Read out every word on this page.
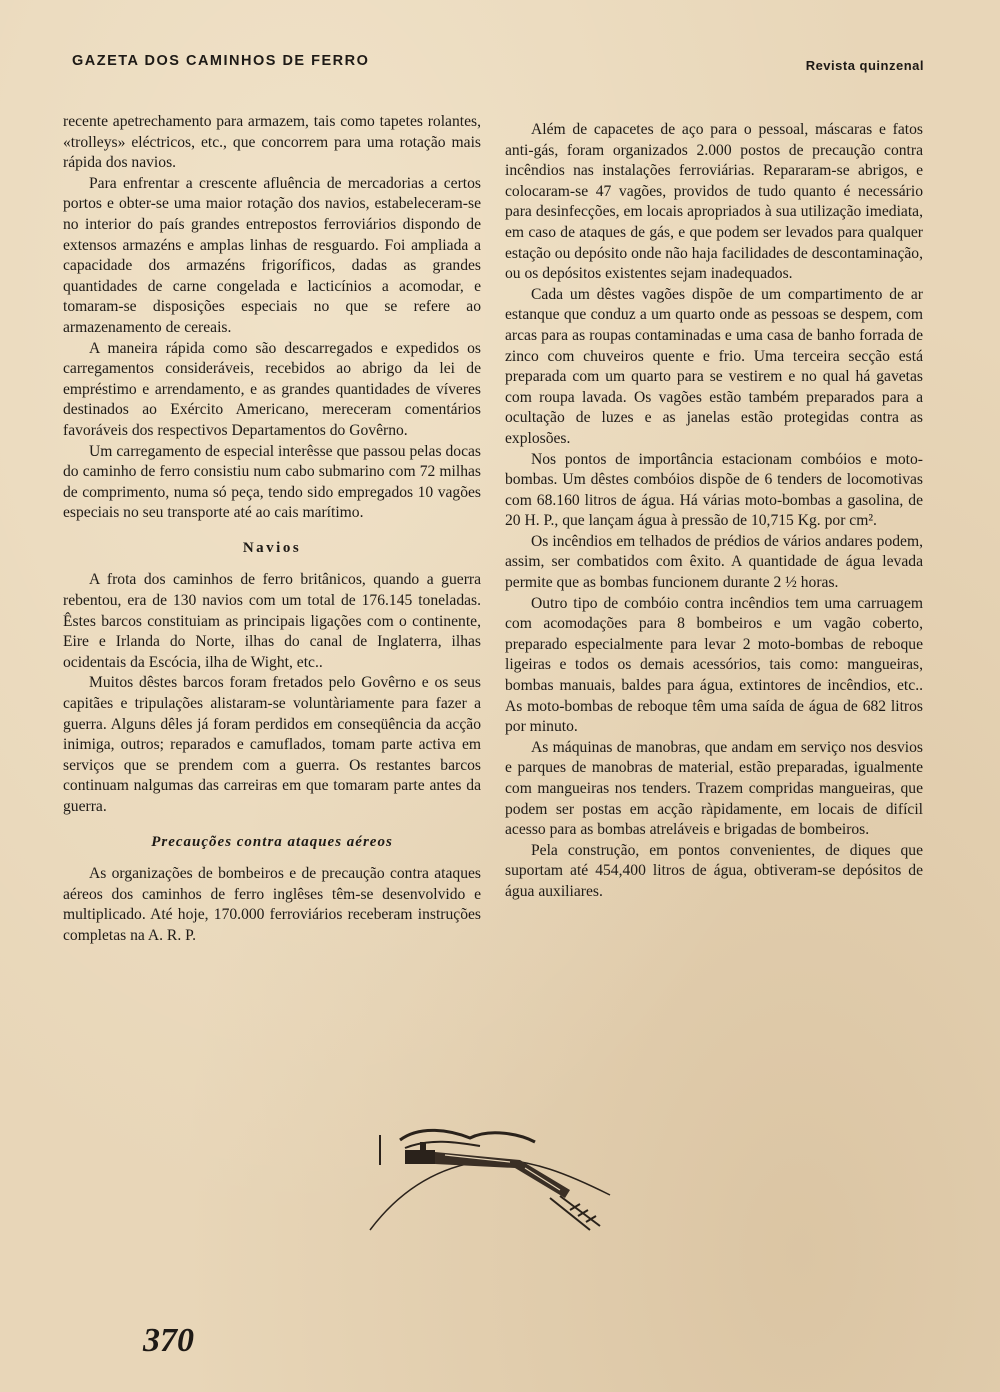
GAZETA DOS CAMINHOS DE FERRO	Revista quinzenal

recente apetrechamento para armazem, tais como tapetes rolantes, «trolleys» eléctricos, etc., que concorrem para uma rotação mais rápida dos navios.

Para enfrentar a crescente afluência de mercadorias a certos portos e obter-se uma maior rotação dos navios, estabeleceram-se no interior do país grandes entrepostos ferroviários dispondo de extensos armazéns e amplas linhas de resguardo. Foi ampliada a capacidade dos armazéns frigoríficos, dadas as grandes quantidades de carne congelada e lacticínios a acomodar, e tomaram-se disposições especiais no que se refere ao armazenamento de cereais.

A maneira rápida como são descarregados e expedidos os carregamentos consideráveis, recebidos ao abrigo da lei de empréstimo e arrendamento, e as grandes quantidades de víveres destinados ao Exército Americano, mereceram comentários favoráveis dos respectivos Departamentos do Govêrno.

Um carregamento de especial interêsse que passou pelas docas do caminho de ferro consistiu num cabo submarino com 72 milhas de comprimento, numa só peça, tendo sido empregados 10 vagões especiais no seu transporte até ao cais marítimo.

Navios

A frota dos caminhos de ferro britânicos, quando a guerra rebentou, era de 130 navios com um total de 176.145 toneladas. Êstes barcos constituiam as principais ligações com o continente, Eire e Irlanda do Norte, ilhas do canal de Inglaterra, ilhas ocidentais da Escócia, ilha de Wight, etc..

Muitos dêstes barcos foram fretados pelo Govêrno e os seus capitães e tripulações alistaram-se voluntàriamente para fazer a guerra. Alguns dêles já foram perdidos em conseqüência da acção inimiga, outros; reparados e camuflados, tomam parte activa em serviços que se prendem com a guerra. Os restantes barcos continuam nalgumas das carreiras em que tomaram parte antes da guerra.

Precauções contra ataques aéreos

As organizações de bombeiros e de precaução contra ataques aéreos dos caminhos de ferro inglêses têm-se desenvolvido e multiplicado. Até hoje, 170.000 ferroviários receberam instruções completas na A. R. P.

Além de capacetes de aço para o pessoal, máscaras e fatos anti-gás, foram organizados 2.000 postos de precaução contra incêndios nas instalações ferroviárias. Repararam-se abrigos, e colocaram-se 47 vagões, providos de tudo quanto é necessário para desinfecções, em locais apropriados à sua utilização imediata, em caso de ataques de gás, e que podem ser levados para qualquer estação ou depósito onde não haja facilidades de descontaminação, ou os depósitos existentes sejam inadequados.

Cada um dêstes vagões dispõe de um compartimento de ar estanque que conduz a um quarto onde as pessoas se despem, com arcas para as roupas contaminadas e uma casa de banho forrada de zinco com chuveiros quente e frio. Uma terceira secção está preparada com um quarto para se vestirem e no qual há gavetas com roupa lavada. Os vagões estão também preparados para a ocultação de luzes e as janelas estão protegidas contra as explosões.

Nos pontos de importância estacionam combóios e moto-bombas. Um dêstes combóios dispõe de 6 tenders de locomotivas com 68.160 litros de água. Há várias moto-bombas a gasolina, de 20 H. P., que lançam água à pressão de 10,715 Kg. por cm².

Os incêndios em telhados de prédios de vários andares podem, assim, ser combatidos com êxito. A quantidade de água levada permite que as bombas funcionem durante 2 ½ horas.

Outro tipo de combóio contra incêndios tem uma carruagem com acomodações para 8 bombeiros e um vagão coberto, preparado especialmente para levar 2 moto-bombas de reboque ligeiras e todos os demais acessórios, tais como: mangueiras, bombas manuais, baldes para água, extintores de incêndios, etc.. As moto-bombas de reboque têm uma saída de água de 682 litros por minuto.

As máquinas de manobras, que andam em serviço nos desvios e parques de manobras de material, estão preparadas, igualmente com mangueiras nos tenders. Trazem compridas mangueiras, que podem ser postas em acção ràpidamente, em locais de difícil acesso para as bombas atreláveis e brigadas de bombeiros.

Pela construção, em pontos convenientes, de diques que suportam até 454,400 litros de água, obtiveram-se depósitos de água auxiliares.

370
